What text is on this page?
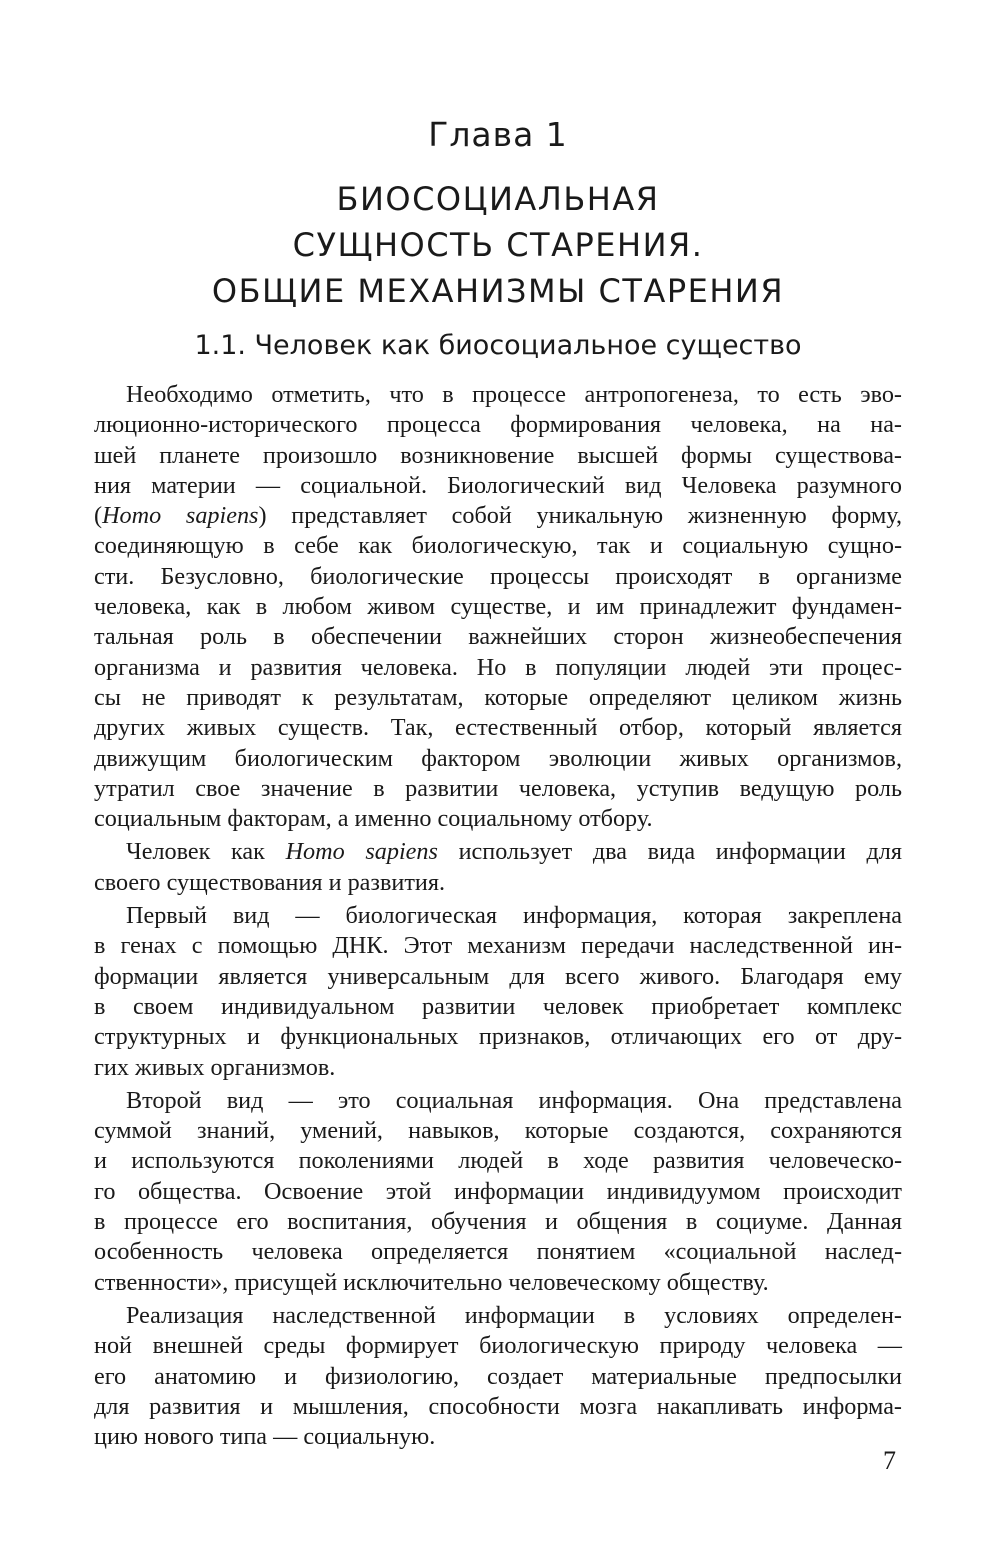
Глава 1
БИОСОЦИАЛЬНАЯ
СУЩНОСТЬ СТАРЕНИЯ.
ОБЩИЕ МЕХАНИЗМЫ СТАРЕНИЯ
1.1. Человек как биосоциальное существо

Необходимо отметить, что в процессе антропогенеза, то есть эво-
люционно-исторического процесса формирования человека, на на-
шей планете произошло возникновение высшей формы существова-
ния материи — социальной. Биологический вид Человека разумного
(Homo sapiens) представляет собой уникальную жизненную форму,
соединяющую в себе как биологическую, так и социальную сущно-
сти. Безусловно, биологические процессы происходят в организме
человека, как в любом живом существе, и им принадлежит фундамен-
тальная роль в обеспечении важнейших сторон жизнеобеспечения
организма и развития человека. Но в популяции людей эти процес-
сы не приводят к результатам, которые определяют целиком жизнь
других живых существ. Так, естественный отбор, который является
движущим биологическим фактором эволюции живых организмов,
утратил свое значение в развитии человека, уступив ведущую роль
социальным факторам, а именно социальному отбору.

Человек как Homo sapiens использует два вида информации для
своего существования и развития.

Первый вид — биологическая информация, которая закреплена
в генах с помощью ДНК. Этот механизм передачи наследственной ин-
формации является универсальным для всего живого. Благодаря ему
в своем индивидуальном развитии человек приобретает комплекс
структурных и функциональных признаков, отличающих его от дру-
гих живых организмов.

Второй вид — это социальная информация. Она представлена
суммой знаний, умений, навыков, которые создаются, сохраняются
и используются поколениями людей в ходе развития человеческо-
го общества. Освоение этой информации индивидуумом происходит
в процессе его воспитания, обучения и общения в социуме. Данная
особенность человека определяется понятием «социальной наслед-
ственности», присущей исключительно человеческому обществу.

Реализация наследственной информации в условиях определен-
ной внешней среды формирует биологическую природу человека —
его анатомию и физиологию, создает материальные предпосылки
для развития и мышления, способности мозга накапливать информа-
цию нового типа — социальную.

7
